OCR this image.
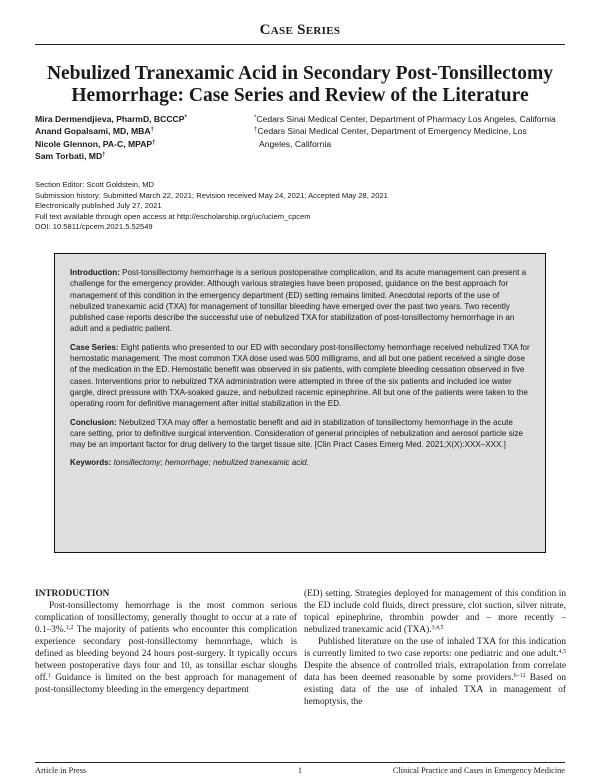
Case Series
Nebulized Tranexamic Acid in Secondary Post-Tonsillectomy
Hemorrhage: Case Series and Review of the Literature
Mira Dermendjieva, PharmD, BCCCP*
Anand Gopalsami, MD, MBA†
Nicole Glennon, PA-C, MPAP†
Sam Torbati, MD†
*Cedars Sinai Medical Center, Department of Pharmacy Los Angeles, California
†Cedars Sinai Medical Center, Department of Emergency Medicine, Los
Angeles, California
Section Editor: Scott Goldstein, MD
Submission history: Submitted March 22, 2021; Revision received May 24, 2021; Accepted May 28, 2021
Electronically published July 27, 2021
Full text available through open access at http://escholarship.org/uc/uciem_cpcem
DOI: 10.5811/cpcem.2021.5.52549

Introduction: Post-tonsillectomy hemorrhage is a serious postoperative complication, and its acute management can present a challenge for the emergency provider. Although various strategies have been proposed, guidance on the best approach for management of this condition in the emergency department (ED) setting remains limited. Anecdotal reports of the use of nebulized tranexamic acid (TXA) for management of tonsillar bleeding have emerged over the past two years. Two recently published case reports describe the successful use of nebulized TXA for stabilization of post-tonsillectomy hemorrhage in an adult and a pediatric patient.

Case Series: Eight patients who presented to our ED with secondary post-tonsillectomy hemorrhage received nebulized TXA for hemostatic management. The most common TXA dose used was 500 milligrams, and all but one patient received a single dose of the medication in the ED. Hemostatic benefit was observed in six patients, with complete bleeding cessation observed in five cases. Interventions prior to nebulized TXA administration were attempted in three of the six patients and included ice water gargle, direct pressure with TXA-soaked gauze, and nebulized racemic epinephrine. All but one of the patients were taken to the operating room for definitive management after initial stabilization in the ED.

Conclusion: Nebulized TXA may offer a hemostatic benefit and aid in stabilization of tonsillectomy hemorrhage in the acute care setting, prior to definitive surgical intervention. Consideration of general principles of nebulization and aerosol particle size may be an important factor for drug delivery to the target tissue site. [Clin Pract Cases Emerg Med. 2021;X(X):XXX–XXX.]

Keywords: tonsillectomy; hemorrhage; nebulized tranexamic acid.

INTRODUCTION

Post-tonsillectomy hemorrhage is the most common serious complication of tonsillectomy, generally thought to occur at a rate of 0.1–3%.$^{1,2}$ The majority of patients who encounter this complication experience secondary post-tonsillectomy hemorrhage, which is defined as bleeding beyond 24 hours post-surgery. It typically occurs between postoperative days four and 10, as tonsillar eschar sloughs off.$^1$ Guidance is limited on the best approach for management of post-tonsillectomy bleeding in the emergency department

(ED) setting. Strategies deployed for management of this condition in the ED include cold fluids, direct pressure, clot suction, silver nitrate, topical epinephrine, thrombin powder and – more recently – nebulized tranexamic acid (TXA).$^{3,4,5}$

Published literature on the use of inhaled TXA for this indication is currently limited to two case reports: one pediatric and one adult.$^{4,5}$ Despite the absence of controlled trials, extrapolation from correlate data has been deemed reasonable by some providers.$^{6-12}$ Based on existing data of the use of inhaled TXA in management of hemoptysis, the

Article in Press	1	Clinical Practice and Cases in Emergency Medicine
